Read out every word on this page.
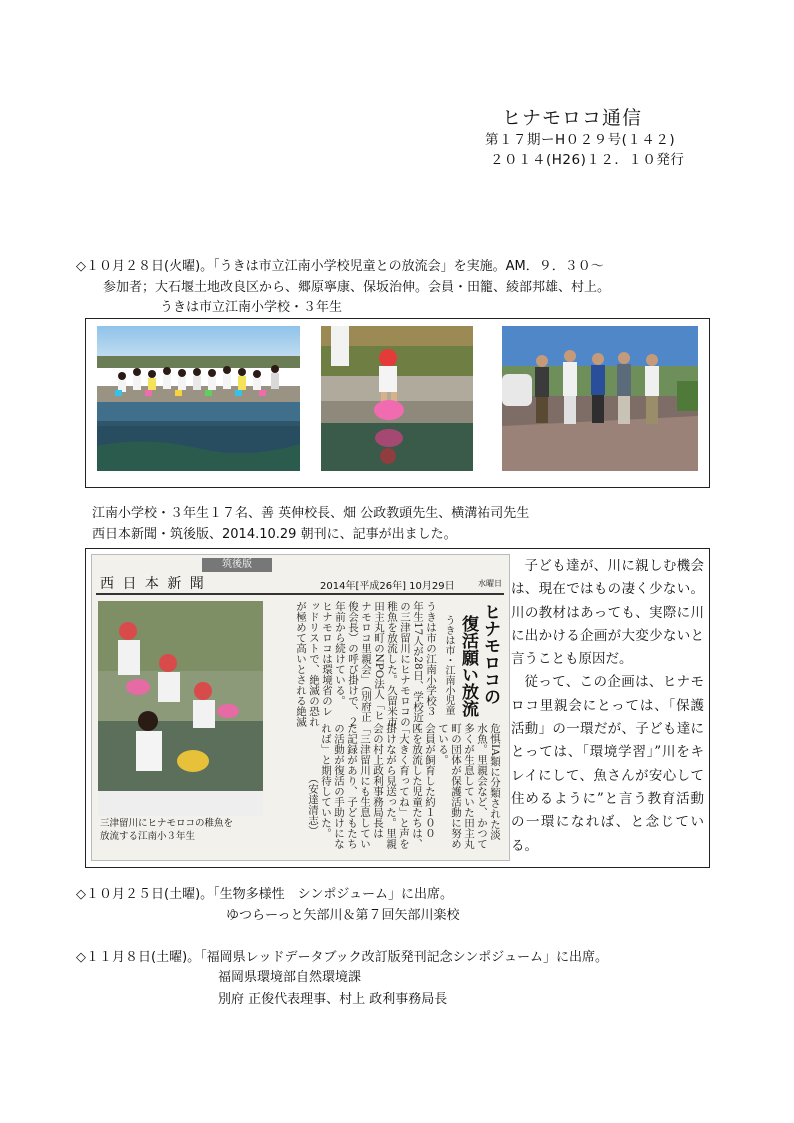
ヒナモロコ通信
第１７期ーH０２９号(１４２)
２０１４(H26)１２．１０発行
◇１０月２８日(火曜)。「うきは市立江南小学校児童との放流会」を実施。AM．９．３０～
参加者；大石堰土地改良区から、郷原寧康、保坂治伸。会員・田籠、綾部邦雄、村上。
うきは市立江南小学校・３年生
江南小学校・３年生１７名、善 英伸校長、畑 公政教頭先生、横溝祐司先生
西日本新聞・筑後版、2014.10.29 朝刊に、記事が出ました。
筑後版
西 日 本 新 聞	2014年[平成26年] 10月29日	水曜日
三津留川にヒナモロコの稚魚を
放流する江南小３年生
ヒナモロコの
復活願い放流
うきは市・江南小児童
うきは市の江南小学校３
年生17人が28日、学校近く
の三津留川にヒナモロコの
稚魚を放流した。久留米市
田主丸町のNPO法人「ヒ
ナモロコ里親会」（別府正
俊会長）の呼び掛けで、２
年前から続けている。
ヒナモロコは環境省のレ
ッドリストで、絶滅の恐れ
が極めて高いとされる絶滅
危惧IA類に分類された淡
水魚。里親会など、かつて
多くが生息していた田主丸
町の団体が保護活動に努め
ている。
会員が飼育した約１００
匹を放流した児童たちは、
「大きく育ってね」と声を
掛けながら見送った。里親
会の村上政利事務局長は
「三津留川にも生息してい
た記録があり、子どもたち
の活動が復活の手助けにな
れば」と期待していた。
（安達清志）

子ども達が、川に親しむ機会は、現在ではもの凄く少ない。川の教材はあっても、実際に川に出かける企画が大変少ないと言うことも原因だ。

従って、この企画は、ヒナモロコ里親会にとっては、「保護活動」の一環だが、子ども達にとっては、「環境学習」”川をキレイにして、魚さんが安心して住めるように”と言う教育活動の一環になれば、と念じている。

◇１０月２５日(土曜)。「生物多様性　シンポジューム」に出席。
ゆつらーっと矢部川＆第７回矢部川楽校
◇１１月８日(土曜)。「福岡県レッドデータブック改訂版発刊記念シンポジューム」に出席。
福岡県環境部自然環境課
別府 正俊代表理事、村上 政利事務局長
